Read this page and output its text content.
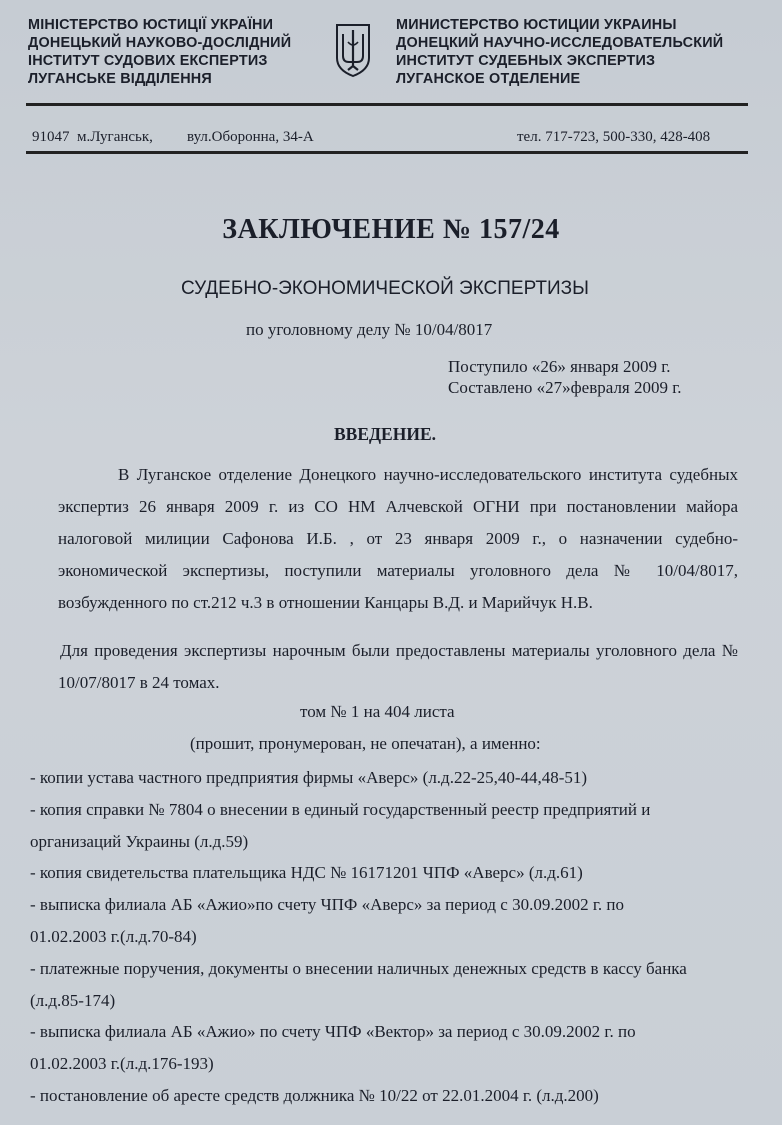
МІНІСТЕРСТВО ЮСТИЦІЇ УКРАЇНИ
ДОНЕЦЬКИЙ НАУКОВО-ДОСЛІДНИЙ
ІНСТИТУТ СУДОВИХ ЕКСПЕРТИЗ
ЛУГАНСЬКЕ ВІДДІЛЕННЯ
МИНИСТЕРСТВО ЮСТИЦИИ УКРАИНЫ
ДОНЕЦКИЙ НАУЧНО-ИССЛЕДОВАТЕЛЬСКИЙ
ИНСТИТУТ СУДЕБНЫХ ЭКСПЕРТИЗ
ЛУГАНСКОЕ ОТДЕЛЕНИЕ
91047 м.Луганськ, вул.Оборонна, 34-А	тел. 717-723, 500-330, 428-408
ЗАКЛЮЧЕНИЕ № 157/24
СУДЕБНО-ЭКОНОМИЧЕСКОЙ ЭКСПЕРТИЗЫ
по уголовному делу № 10/04/8017
Поступило «26» января 2009 г.
Составлено «27»февраля 2009 г.
ВВЕДЕНИЕ.
В Луганское отделение Донецкого научно-исследовательского института судебных экспертиз 26 января 2009 г. из СО НМ Алчевской ОГНИ при постановлении майора налоговой милиции Сафонова И.Б. , от 23 января 2009 г., о назначении судебно-экономической экспертизы, поступили материалы уголовного дела № 10/04/8017, возбужденного по ст.212 ч.3 в отношении Канцары В.Д. и Марийчук Н.В.
Для проведения экспертизы нарочным были предоставлены материалы уголовного дела № 10/07/8017 в 24 томах.
том № 1 на 404 листа
(прошит, пронумерован, не опечатан), а именно:
- копии устава частного предприятия фирмы «Аверс» (л.д.22-25,40-44,48-51)
- копия справки № 7804 о внесении в единый государственный реестр предприятий и
организаций Украины (л.д.59)
- копия свидетельства плательщика НДС № 16171201 ЧПФ «Аверс» (л.д.61)
- выписка филиала АБ «Ажио»по счету ЧПФ «Аверс» за период с 30.09.2002 г. по
01.02.2003 г.(л.д.70-84)
- платежные поручения, документы о внесении наличных денежных средств в кассу банка
(л.д.85-174)
- выписка филиала АБ «Ажио» по счету ЧПФ «Вектор» за период с 30.09.2002 г. по
01.02.2003 г.(л.д.176-193)
- постановление об аресте средств должника № 10/22 от 22.01.2004 г. (л.д.200)
